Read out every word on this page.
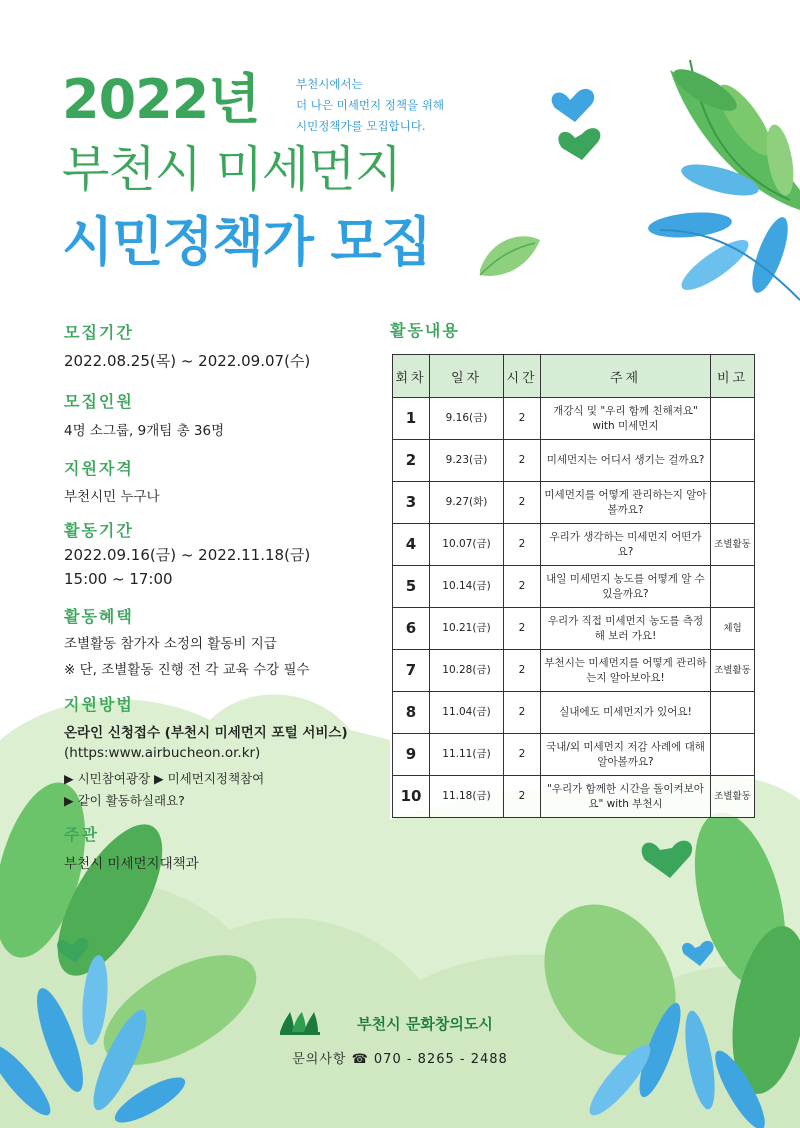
2022년	부천시에서는
더 나은 미세먼지 정책을 위해
시민정책가를 모집합니다.
부천시 미세먼지
시민정책가 모집
모집기간
2022.08.25(목) ~ 2022.09.07(수)
모집인원
4명 소그룹, 9개팀 총 36명
지원자격
부천시민 누구나
활동기간
2022.09.16(금) ~ 2022.11.18(금)
15:00 ~ 17:00
활동혜택
조별활동 참가자 소정의 활동비 지급
※ 단, 조별활동 진행 전 각 교육 수강 필수
지원방법
온라인 신청접수 (부천시 미세먼지 포털 서비스)
(https:www.airbucheon.or.kr)
▶ 시민참여광장 ▶ 미세먼지정책참여
▶ 같이 활동하실래요?
주관
부천시 미세먼지대책과
활동내용
회차	일자	시간	주제	비고
1	9.16(금)	2	개강식 및 "우리 함께 친해져요" with 미세먼지	
2	9.23(금)	2	미세먼지는 어디서 생기는 걸까요?	
3	9.27(화)	2	미세먼지를 어떻게 관리하는지 알아볼까요?	
4	10.07(금)	2	우리가 생각하는 미세먼지 어떤가요?	조별활동
5	10.14(금)	2	내일 미세먼지 농도를 어떻게 알 수 있을까요?	
6	10.21(금)	2	우리가 직접 미세먼지 농도를 측정해 보러 가요!	체험
7	10.28(금)	2	부천시는 미세먼지를 어떻게 관리하는지 알아보아요!	조별활동
8	11.04(금)	2	실내에도 미세먼지가 있어요!	
9	11.11(금)	2	국내/외 미세먼지 저감 사례에 대해 알아볼까요?	
10	11.18(금)	2	"우리가 함께한 시간을 돌이켜보아요" with 부천시	조별활동
부천시 문화창의도시
문의사항 ☎ 070 - 8265 - 2488
